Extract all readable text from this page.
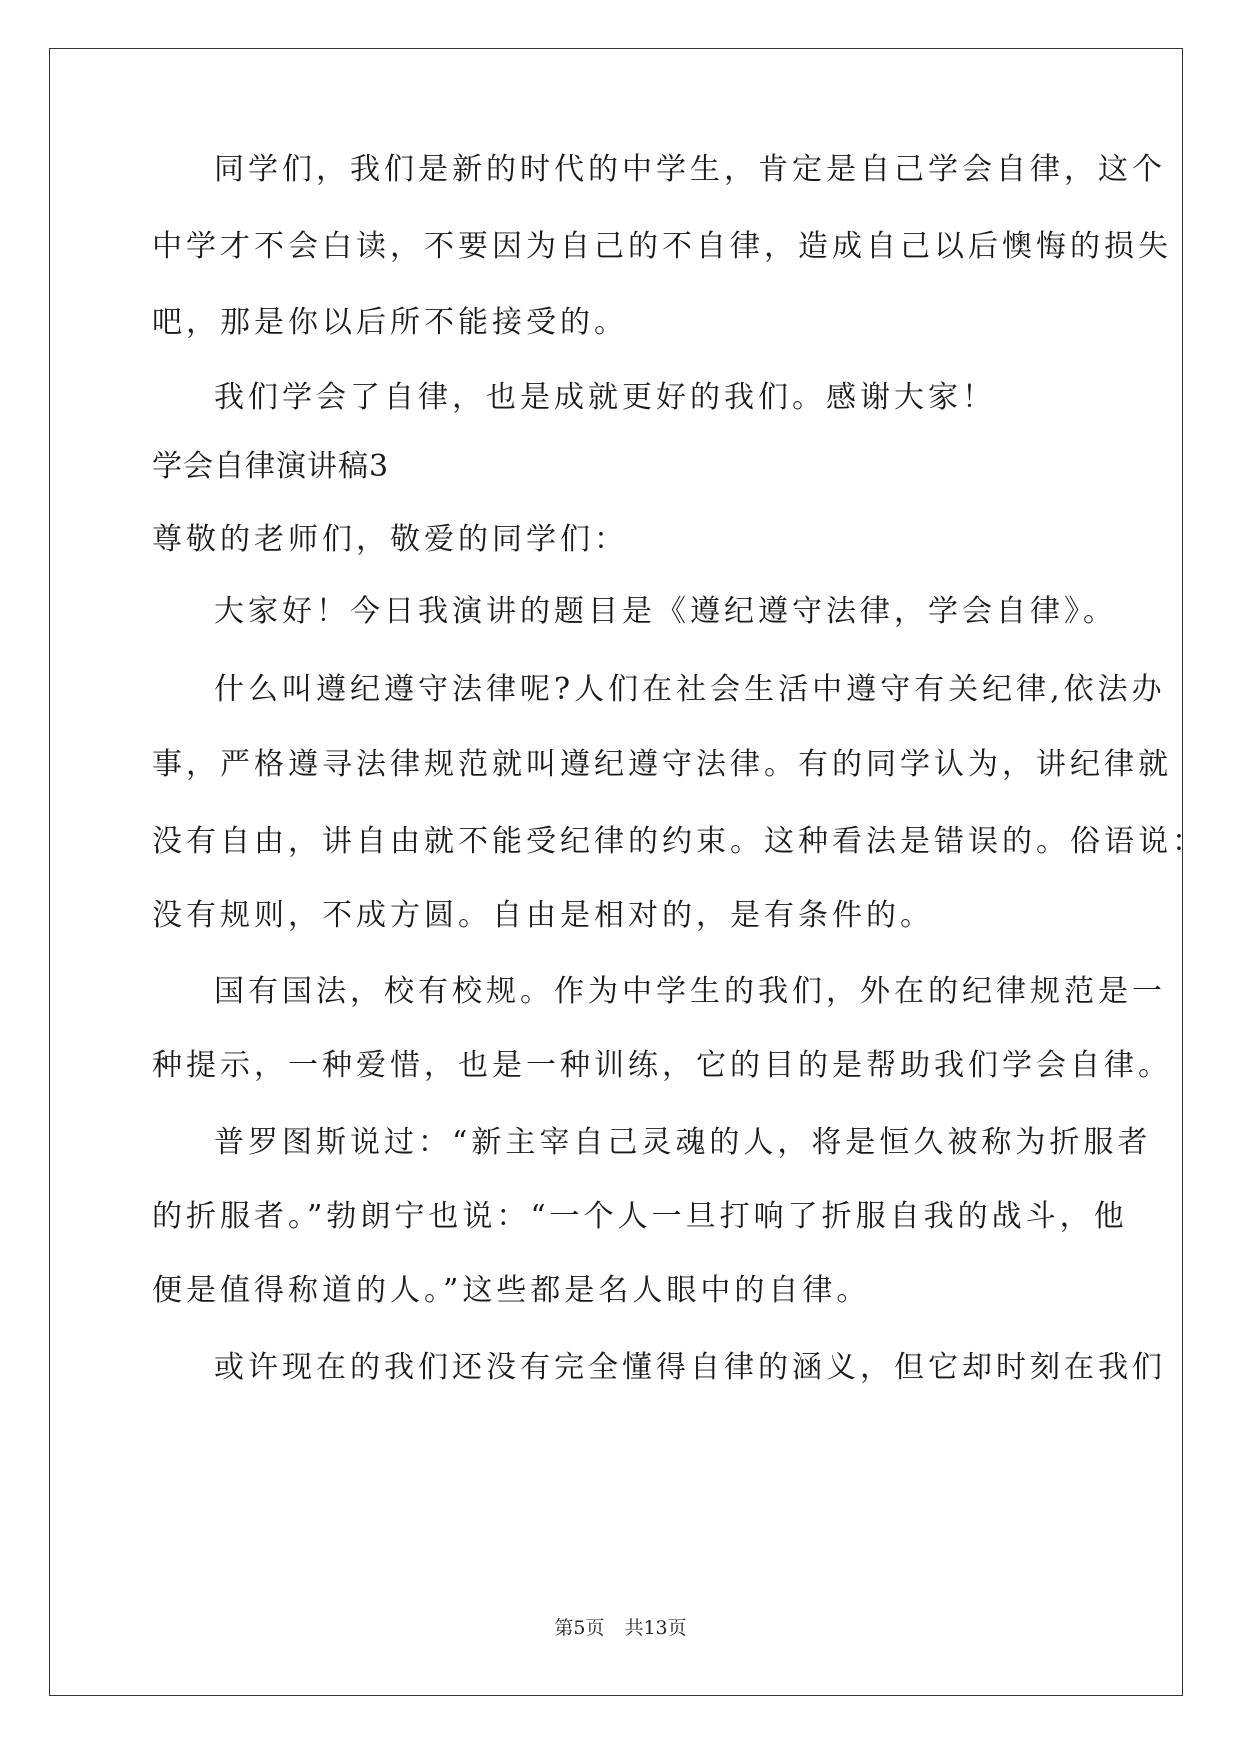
同学们，我们是新的时代的中学生，肯定是自己学会自律，这个
中学才不会白读，不要因为自己的不自律，造成自己以后懊悔的损失
吧，那是你以后所不能接受的。
我们学会了自律，也是成就更好的我们。感谢大家！
学会自律演讲稿3
尊敬的老师们，敬爱的同学们：
大家好！今日我演讲的题目是《遵纪遵守法律，学会自律》。
什么叫遵纪遵守法律呢?人们在社会生活中遵守有关纪律,依法办
事，严格遵寻法律规范就叫遵纪遵守法律。有的同学认为，讲纪律就
没有自由，讲自由就不能受纪律的约束。这种看法是错误的。俗语说：
没有规则，不成方圆。自由是相对的，是有条件的。
国有国法，校有校规。作为中学生的我们，外在的纪律规范是一
种提示，一种爱惜，也是一种训练，它的目的是帮助我们学会自律。
普罗图斯说过：“新主宰自己灵魂的人，将是恒久被称为折服者
的折服者。”勃朗宁也说：“一个人一旦打响了折服自我的战斗，他
便是值得称道的人。”这些都是名人眼中的自律。
或许现在的我们还没有完全懂得自律的涵义，但它却时刻在我们
第5页 共13页
